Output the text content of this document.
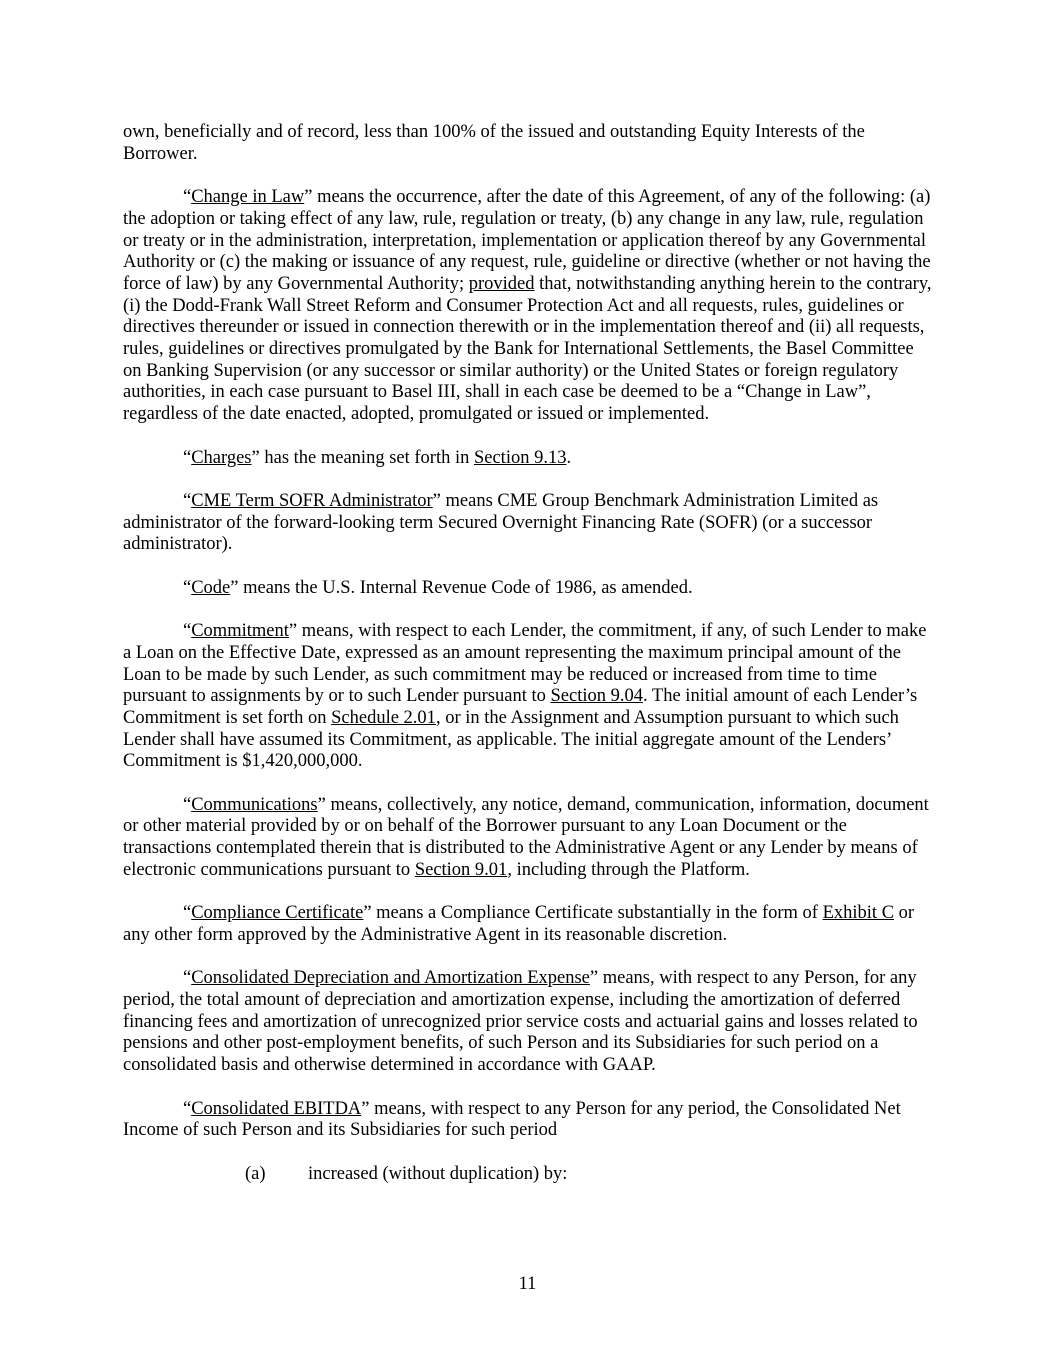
own, beneficially and of record, less than 100% of the issued and outstanding Equity Interests of the Borrower.

“Change in Law” means the occurrence, after the date of this Agreement, of any of the following: (a) the adoption or taking effect of any law, rule, regulation or treaty, (b) any change in any law, rule, regulation or treaty or in the administration, interpretation, implementation or application thereof by any Governmental Authority or (c) the making or issuance of any request, rule, guideline or directive (whether or not having the force of law) by any Governmental Authority; provided that, notwithstanding anything herein to the contrary, (i) the Dodd-Frank Wall Street Reform and Consumer Protection Act and all requests, rules, guidelines or directives thereunder or issued in connection therewith or in the implementation thereof and (ii) all requests, rules, guidelines or directives promulgated by the Bank for International Settlements, the Basel Committee on Banking Supervision (or any successor or similar authority) or the United States or foreign regulatory authorities, in each case pursuant to Basel III, shall in each case be deemed to be a “Change in Law”, regardless of the date enacted, adopted, promulgated or issued or implemented.

“Charges” has the meaning set forth in Section 9.13.

“CME Term SOFR Administrator” means CME Group Benchmark Administration Limited as administrator of the forward-looking term Secured Overnight Financing Rate (SOFR) (or a successor administrator).

“Code” means the U.S. Internal Revenue Code of 1986, as amended.

“Commitment” means, with respect to each Lender, the commitment, if any, of such Lender to make a Loan on the Effective Date, expressed as an amount representing the maximum principal amount of the Loan to be made by such Lender, as such commitment may be reduced or increased from time to time pursuant to assignments by or to such Lender pursuant to Section 9.04. The initial amount of each Lender’s Commitment is set forth on Schedule 2.01, or in the Assignment and Assumption pursuant to which such Lender shall have assumed its Commitment, as applicable. The initial aggregate amount of the Lenders’ Commitment is $1,420,000,000.

“Communications” means, collectively, any notice, demand, communication, information, document or other material provided by or on behalf of the Borrower pursuant to any Loan Document or the transactions contemplated therein that is distributed to the Administrative Agent or any Lender by means of electronic communications pursuant to Section 9.01, including through the Platform.

“Compliance Certificate” means a Compliance Certificate substantially in the form of Exhibit C or any other form approved by the Administrative Agent in its reasonable discretion.

“Consolidated Depreciation and Amortization Expense” means, with respect to any Person, for any period, the total amount of depreciation and amortization expense, including the amortization of deferred financing fees and amortization of unrecognized prior service costs and actuarial gains and losses related to pensions and other post-employment benefits, of such Person and its Subsidiaries for such period on a consolidated basis and otherwise determined in accordance with GAAP.

“Consolidated EBITDA” means, with respect to any Person for any period, the Consolidated Net Income of such Person and its Subsidiaries for such period

(a) increased (without duplication) by:

11
